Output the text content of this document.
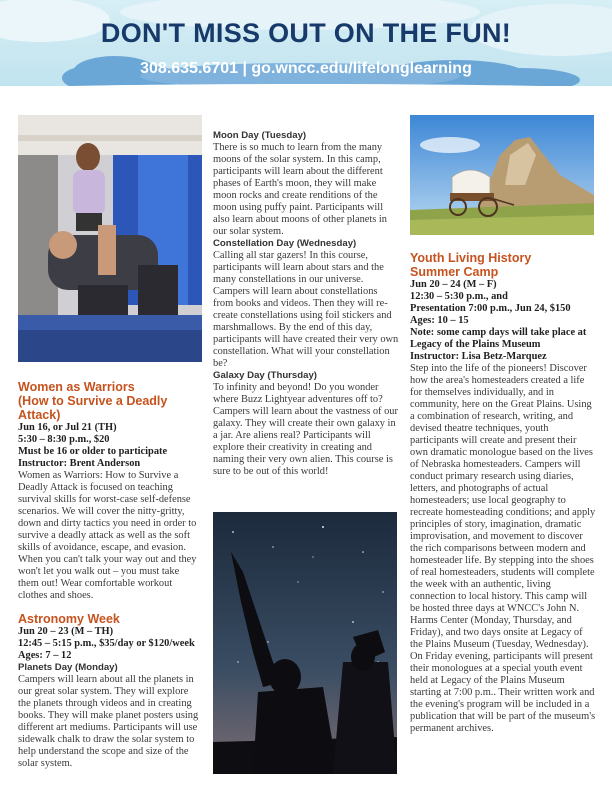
DON'T MISS OUT ON THE FUN!
308.635.6701 | go.wncc.edu/lifelonglearning

Women as Warriors

(How to Survive a Deadly Attack)

Jun 16, or Jul 21 (TH)

5:30 – 8:30 p.m., $20

Must be 16 or older to participate

Instructor: Brent Anderson

Women as Warriors: How to Survive a Deadly Attack is focused on teaching survival skills for worst-case self-defense scenarios. We will cover the nitty-gritty, down and dirty tactics you need in order to survive a deadly attack as well as the soft skills of avoidance, escape, and evasion. When you can't talk your way out and they won't let you walk out – you must take them out! Wear comfortable workout clothes and shoes.

Astronomy Week

Jun 20 – 23 (M – TH)

12:45 – 5:15 p.m., $35/day or $120/week

Ages: 7 – 12

Planets Day (Monday)

Campers will learn about all the planets in our great solar system. They will explore the planets through videos and in creating books. They will make planet posters using different art mediums. Participants will use sidewalk chalk to draw the solar system to help understand the scope and size of the solar system.

Moon Day (Tuesday)

There is so much to learn from the many moons of the solar system. In this camp, participants will learn about the different phases of Earth's moon, they will make moon rocks and create renditions of the moon using puffy paint. Participants will also learn about moons of other planets in our solar system.

Constellation Day (Wednesday)

Calling all star gazers! In this course, participants will learn about stars and the many constellations in our universe. Campers will learn about constellations from books and videos. Then they will re-create constellations using foil stickers and marshmallows. By the end of this day, participants will have created their very own constellation. What will your constellation be?

Galaxy Day (Thursday)

To infinity and beyond! Do you wonder where Buzz Lightyear adventures off to? Campers will learn about the vastness of our galaxy. They will create their own galaxy in a jar. Are aliens real? Participants will explore their creativity in creating and naming their very own alien. This course is sure to be out of this world!

Youth Living History

Summer Camp

Jun 20 – 24 (M – F)

12:30 – 5:30 p.m., and

Presentation 7:00 p.m., Jun 24, $150

Ages: 10 – 15

Note: some camp days will take place at Legacy of the Plains Museum

Instructor: Lisa Betz-Marquez

Step into the life of the pioneers! Discover how the area's homesteaders created a life for themselves individually, and in community, here on the Great Plains. Using a combination of research, writing, and devised theatre techniques, youth participants will create and present their own dramatic monologue based on the lives of Nebraska homesteaders. Campers will conduct primary research using diaries, letters, and photographs of actual homesteaders; use local geography to recreate homesteading conditions; and apply principles of story, imagination, dramatic improvisation, and movement to discover the rich comparisons between modern and homesteader life. By stepping into the shoes of real homesteaders, students will complete the week with an authentic, living connection to local history. This camp will be hosted three days at WNCC's John N. Harms Center (Monday, Thursday, and Friday), and two days onsite at Legacy of the Plains Museum (Tuesday, Wednesday). On Friday evening, participants will present their monologues at a special youth event held at Legacy of the Plains Museum starting at 7:00 p.m.. Their written work and the evening's program will be included in a publication that will be part of the museum's permanent archives.
